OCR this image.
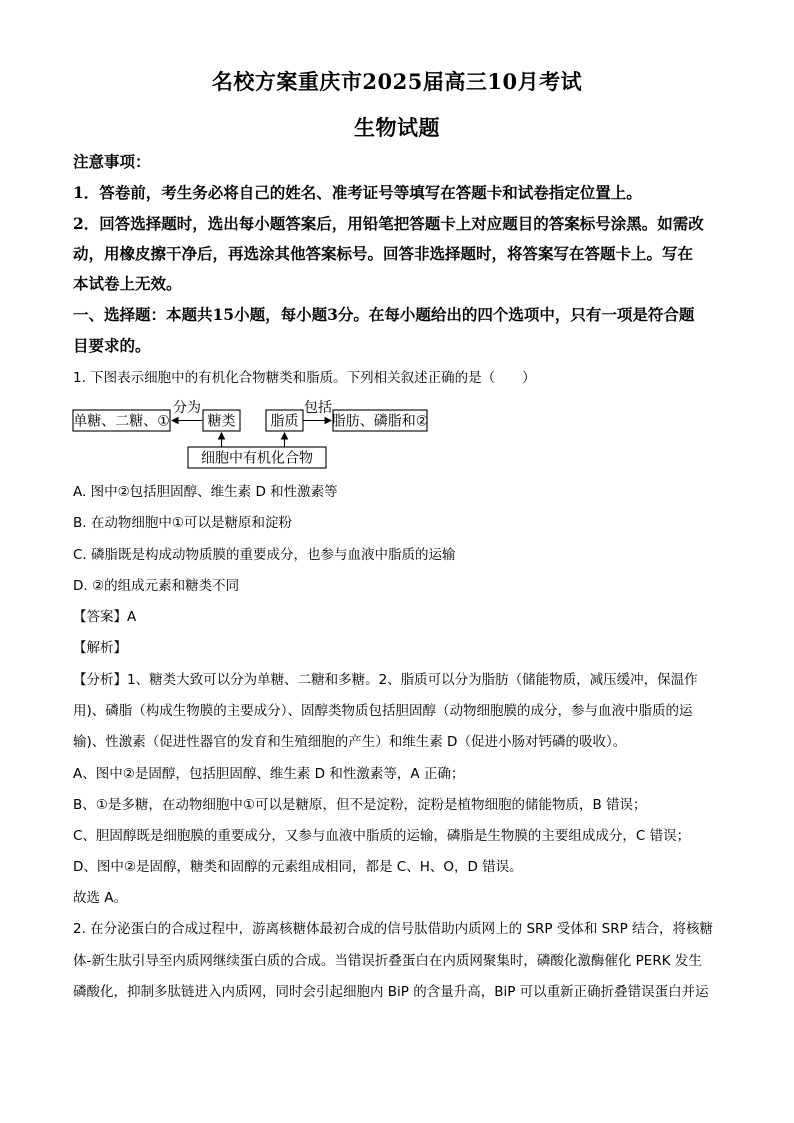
名校方案重庆市2025届高三10月考试
生物试题
注意事项：
1．答卷前，考生务必将自己的姓名、准考证号等填写在答题卡和试卷指定位置上。
2．回答选择题时，选出每小题答案后，用铅笔把答题卡上对应题目的答案标号涂黑。如需改
动，用橡皮擦干净后，再选涂其他答案标号。回答非选择题时，将答案写在答题卡上。写在
本试卷上无效。
一、选择题：本题共15小题，每小题3分。在每小题给出的四个选项中，只有一项是符合题
目要求的。
1. 下图表示细胞中的有机化合物糖类和脂质。下列相关叙述正确的是（　　）
单糖、二糖、①
分为
糖类	脂质
包括
脂肪、磷脂和②
细胞中有机化合物
A. 图中②包括胆固醇、维生素 D 和性激素等
B. 在动物细胞中①可以是糖原和淀粉
C. 磷脂既是构成动物质膜的重要成分，也参与血液中脂质的运输
D. ②的组成元素和糖类不同
【答案】A
【解析】
【分析】1、糖类大致可以分为单糖、二糖和多糖。2、脂质可以分为脂肪（储能物质，减压缓冲，保温作
用)、磷脂（构成生物膜的主要成分）、固醇类物质包括胆固醇（动物细胞膜的成分，参与血液中脂质的运
输)、性激素（促进性器官的发育和生殖细胞的产生）和维生素 D（促进小肠对钙磷的吸收）。
A、图中②是固醇，包括胆固醇、维生素 D 和性激素等，A 正确；
B、①是多糖，在动物细胞中①可以是糖原，但不是淀粉，淀粉是植物细胞的储能物质，B 错误；
C、胆固醇既是细胞膜的重要成分，又参与血液中脂质的运输，磷脂是生物膜的主要组成成分，C 错误；
D、图中②是固醇，糖类和固醇的元素组成相同，都是 C、H、O，D 错误。
故选 A。
2. 在分泌蛋白的合成过程中，游离核糖体最初合成的信号肽借助内质网上的 SRP 受体和 SRP 结合，将核糖
体-新生肽引导至内质网继续蛋白质的合成。当错误折叠蛋白在内质网聚集时，磷酸化激酶催化 PERK 发生
磷酸化，抑制多肽链进入内质网，同时会引起细胞内 BiP 的含量升高，BiP 可以重新正确折叠错误蛋白并运
